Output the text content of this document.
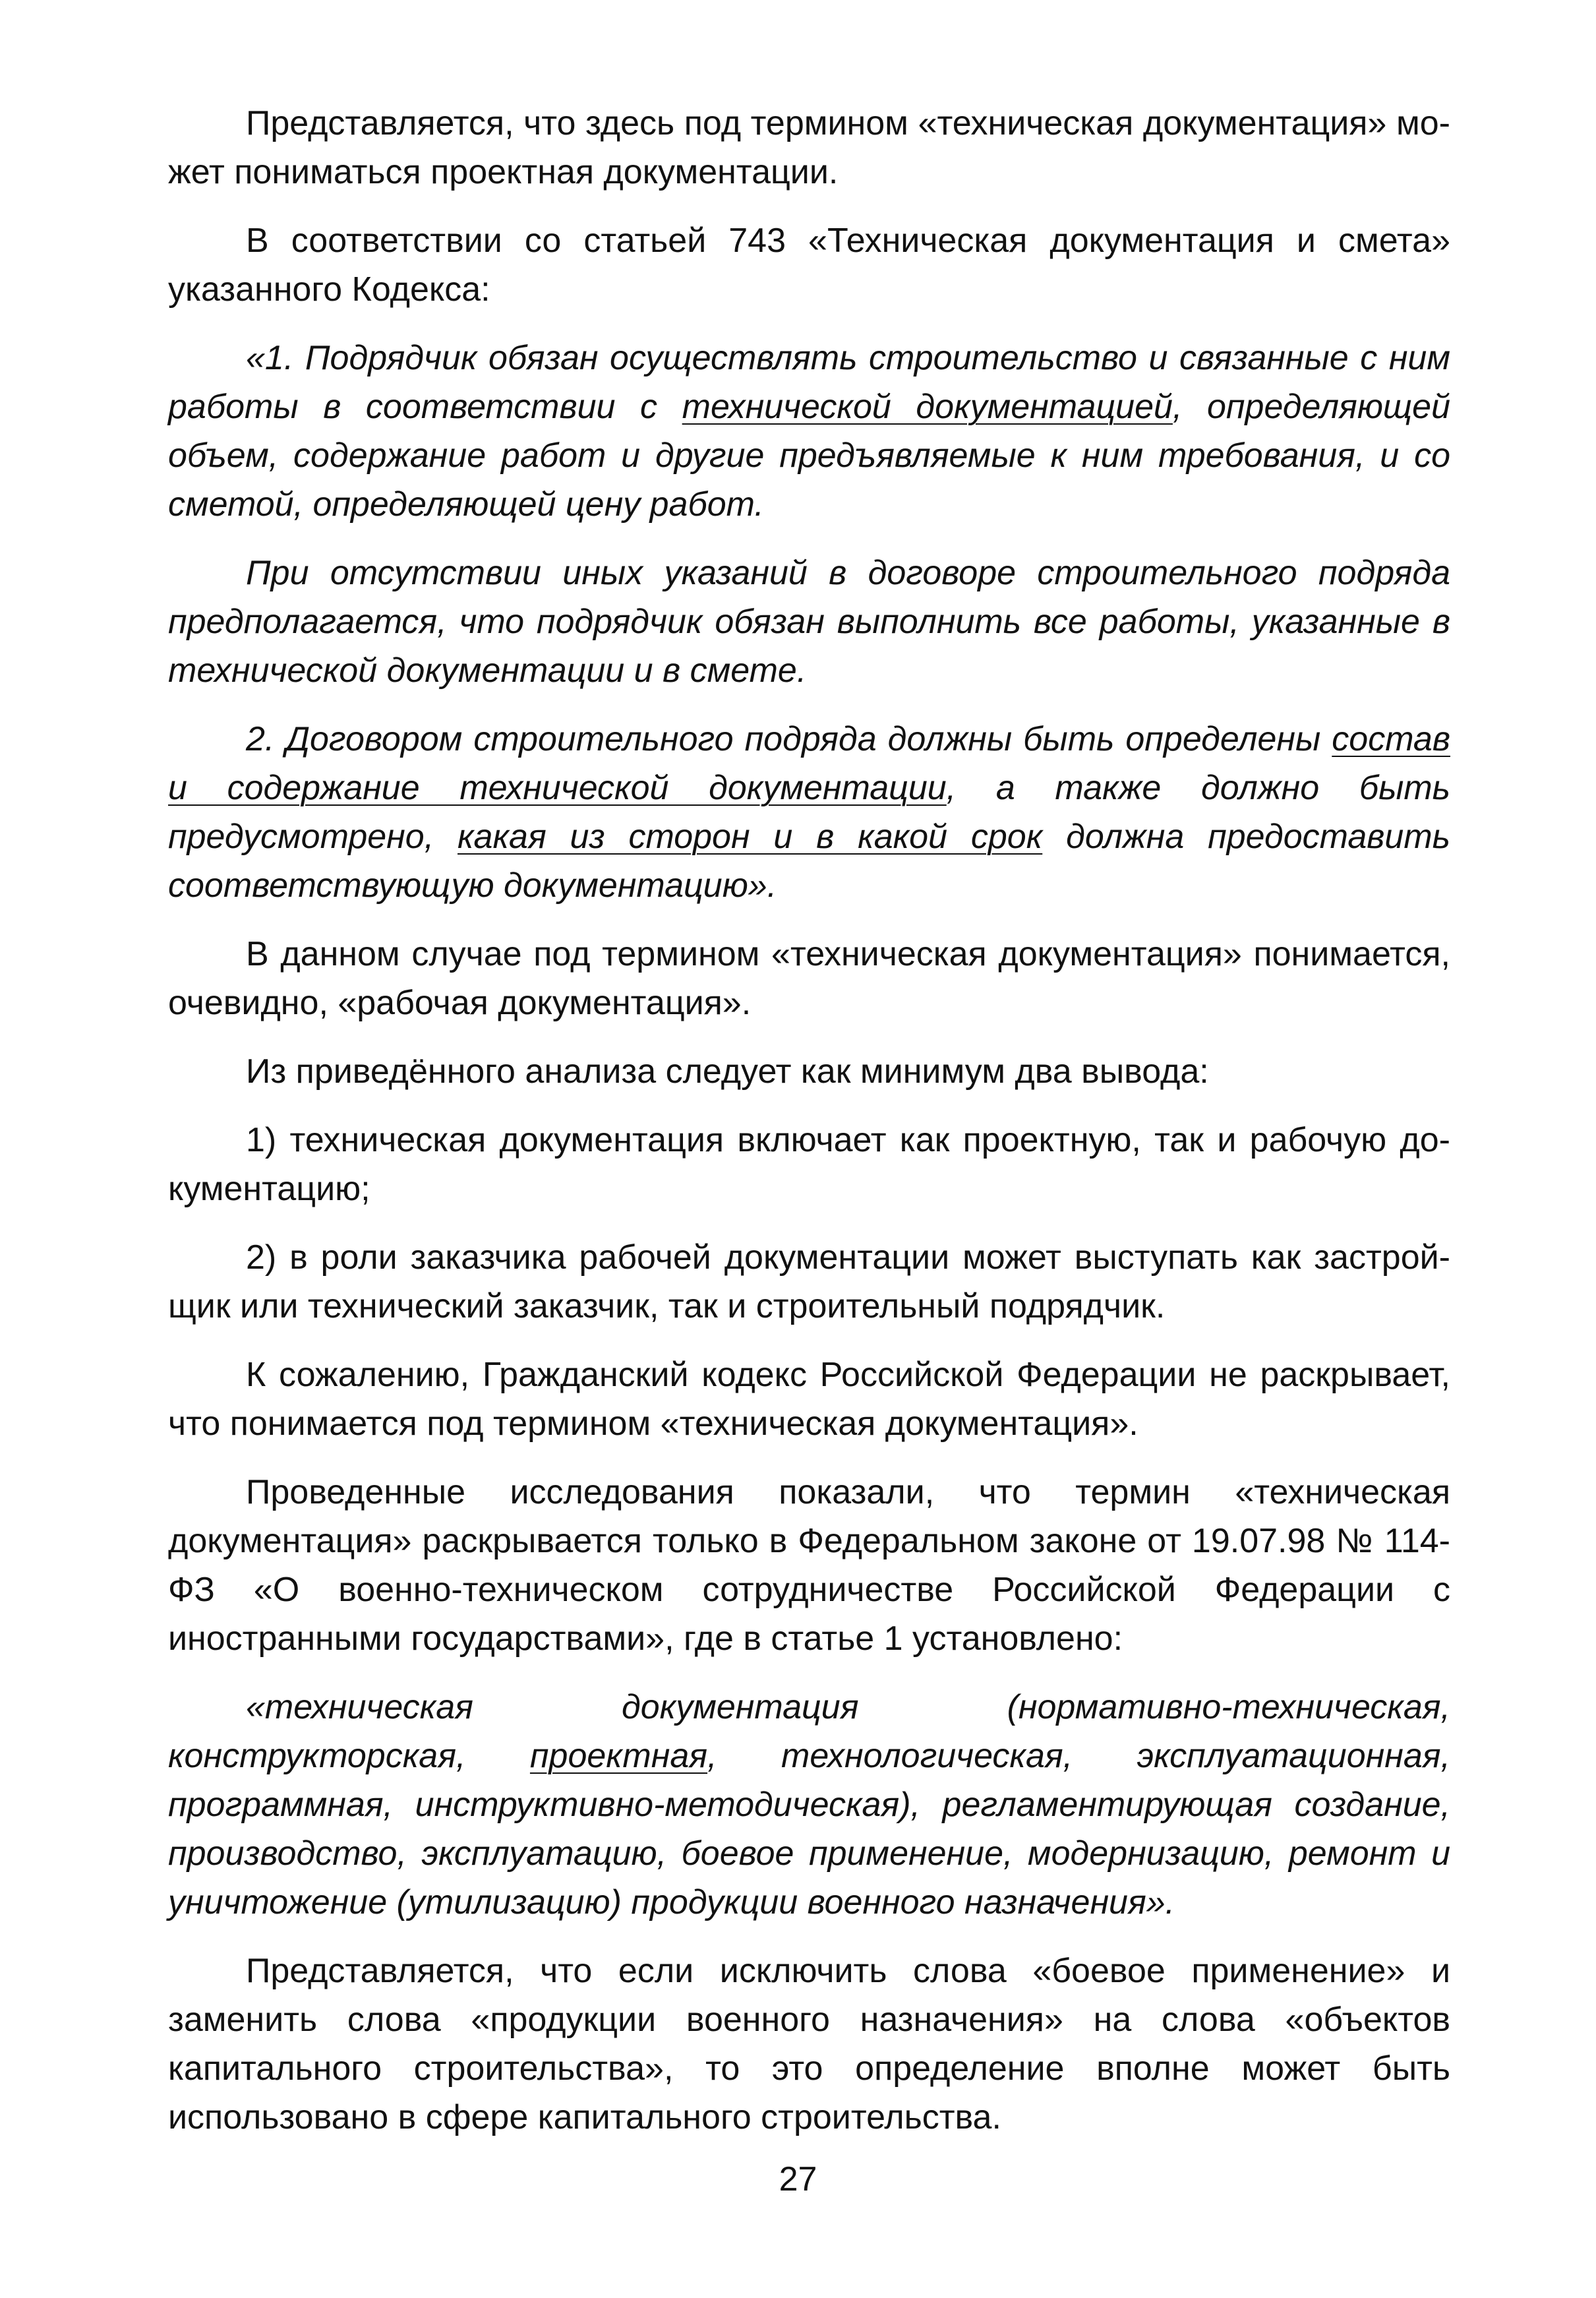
Представляется, что здесь под термином «техническая документация» может пониматься проектная документации.

В соответствии со статьей 743 «Техническая документация и смета» указанного Кодекса:

«1. Подрядчик обязан осуществлять строительство и связанные с ним работы в соответствии с технической документацией, определяющей объем, содержание работ и другие предъявляемые к ним требования, и со сметой, определяющей цену работ.

При отсутствии иных указаний в договоре строительного подряда предполагается, что подрядчик обязан выполнить все работы, указанные в технической документации и в смете.

2. Договором строительного подряда должны быть определены состав и содержание технической документации, а также должно быть предусмотрено, какая из сторон и в какой срок должна предоставить соответствующую документацию».

В данном случае под термином «техническая документация» понимается, очевидно, «рабочая документация».

Из приведённого анализа следует как минимум два вывода:

1) техническая документация включает как проектную, так и рабочую документацию;

2) в роли заказчика рабочей документации может выступать как застройщик или технический заказчик, так и строительный подрядчик.

К сожалению, Гражданский кодекс Российской Федерации не раскрывает, что понимается под термином «техническая документация».

Проведенные исследования показали, что термин «техническая документация» раскрывается только в Федеральном законе от 19.07.98 № 114-ФЗ «О военно-техническом сотрудничестве Российской Федерации с иностранными государствами», где в статье 1 установлено:

«техническая документация (нормативно-техническая, конструкторская, проектная, технологическая, эксплуатационная, программная, инструктивно-методическая), регламентирующая создание, производство, эксплуатацию, боевое применение, модернизацию, ремонт и уничтожение (утилизацию) продукции военного назначения».

Представляется, что если исключить слова «боевое применение» и заменить слова «продукции военного назначения» на слова «объектов капитального строительства», то это определение вполне может быть использовано в сфере капитального строительства.

27
